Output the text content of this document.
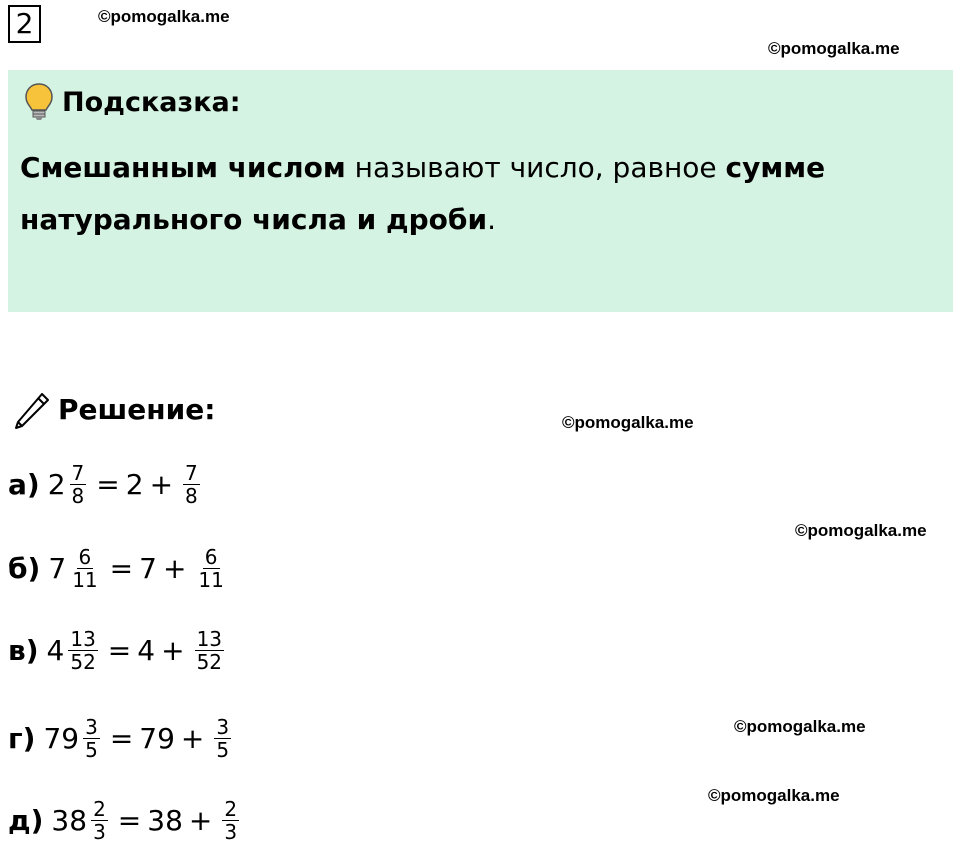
2	©pomogalka.me
©pomogalka.me
Подсказка:
Смешанным числом называют число, равное сумме натурального числа и дроби.
Решение:	©pomogalka.me
©pomogalka.me
©pomogalka.me
©pomogalka.me
а) $2 \frac{7}{8} = 2 + \frac{7}{8}$
б) $7 \frac{6}{11} = 7 + \frac{6}{11}$
в) $4 \frac{13}{52} = 4 + \frac{13}{52}$
г) $79 \frac{3}{5} = 79 + \frac{3}{5}$
д) $38 \frac{2}{3} = 38 + \frac{2}{3}$
